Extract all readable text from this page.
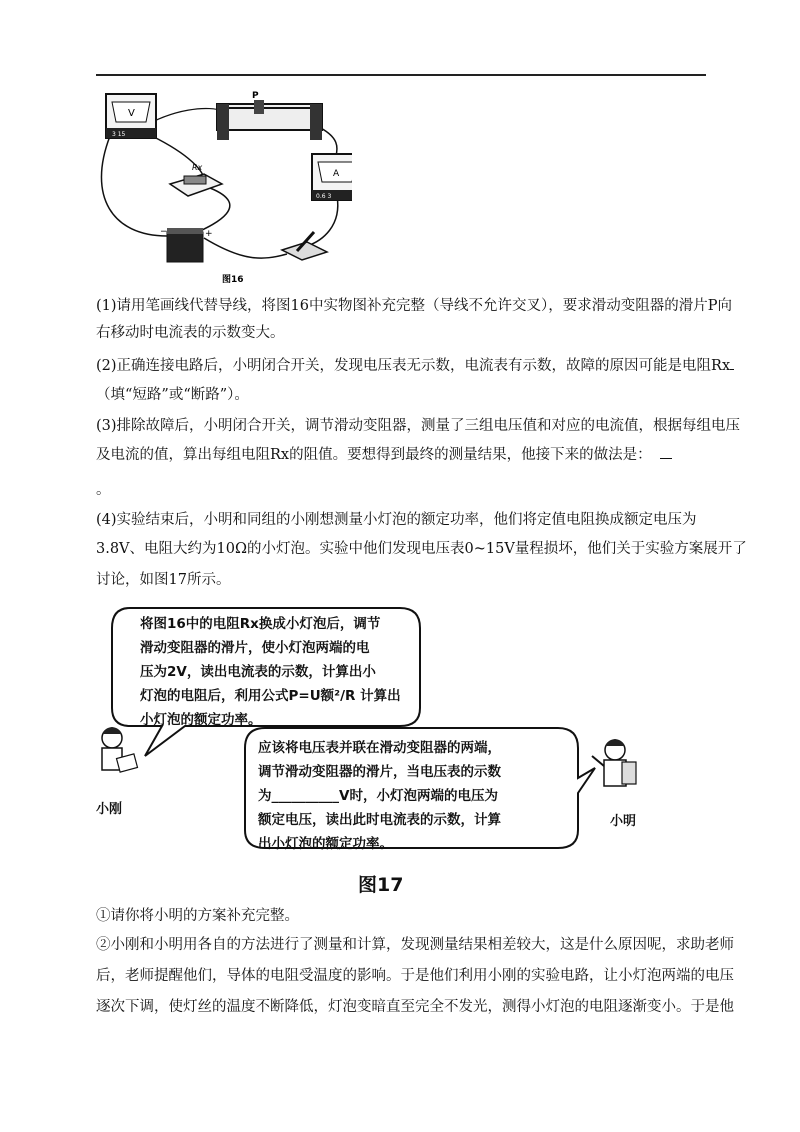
V
3 15
P
Rx
A
0.6 3
−	+
图16
(1)请用笔画线代替导线，将图16中实物图补充完整（导线不允许交叉），要求滑动变阻器的滑片P向
右移动时电流表的示数变大。
(2)正确连接电路后，小明闭合开关，发现电压表无示数，电流表有示数，故障的原因可能是电阻Rx
（填“短路”或“断路”）。
(3)排除故障后，小明闭合开关，调节滑动变阻器，测量了三组电压值和对应的电流值，根据每组电压
及电流的值，算出每组电阻Rx的阻值。要想得到最终的测量结果，他接下来的做法是：
。
(4)实验结束后，小明和同组的小刚想测量小灯泡的额定功率，他们将定值电阻换成额定电压为
3.8V、电阻大约为10Ω的小灯泡。实验中他们发现电压表0~15V量程损坏，他们关于实验方案展开了
讨论，如图17所示。
将图16中的电阻Rx换成小灯泡后，调节
滑动变阻器的滑片，使小灯泡两端的电
压为2V，读出电流表的示数，计算出小
灯泡的电阻后，利用公式P=U额²/R 计算出
小灯泡的额定功率。
应该将电压表并联在滑动变阻器的两端，
调节滑动变阻器的滑片，当电压表的示数
为__________V时，小灯泡两端的电压为
额定电压，读出此时电流表的示数，计算
出小灯泡的额定功率。
小刚
小明
图17
①请你将小明的方案补充完整。
②小刚和小明用各自的方法进行了测量和计算，发现测量结果相差较大，这是什么原因呢，求助老师
后，老师提醒他们，导体的电阻受温度的影响。于是他们利用小刚的实验电路，让小灯泡两端的电压
逐次下调，使灯丝的温度不断降低，灯泡变暗直至完全不发光，测得小灯泡的电阻逐渐变小。于是他
